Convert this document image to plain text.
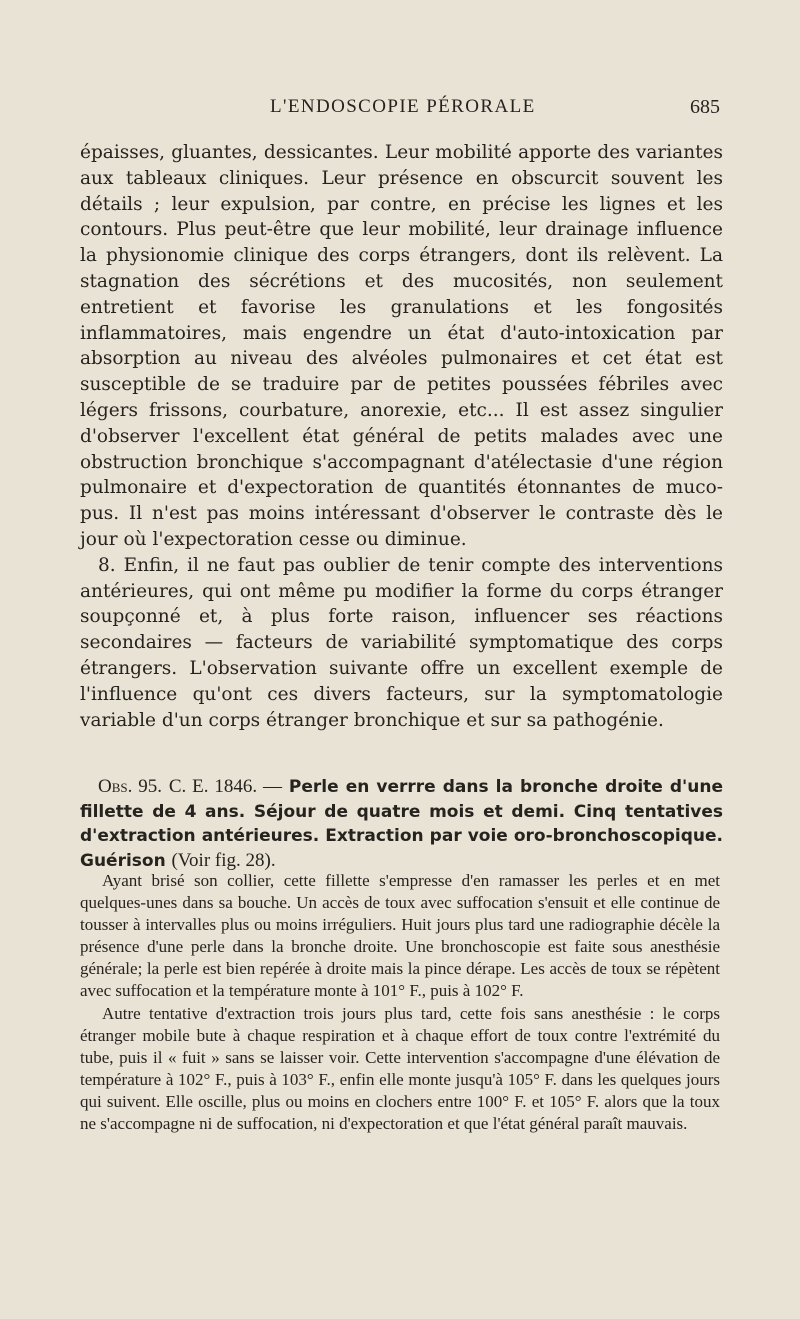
L'ENDOSCOPIE PÉRORALE	685

épaisses, gluantes, dessicantes. Leur mobilité apporte des variantes aux tableaux cliniques. Leur présence en obscurcit souvent les détails ; leur expulsion, par contre, en précise les lignes et les contours. Plus peut-être que leur mobilité, leur drainage influence la physionomie clinique des corps étrangers, dont ils relèvent. La stagnation des sécrétions et des mucosités, non seulement entretient et favorise les granulations et les fongosités inflammatoires, mais engendre un état d'auto-intoxication par absorption au niveau des alvéoles pulmonaires et cet état est susceptible de se traduire par de petites poussées fébriles avec légers frissons, courbature, anorexie, etc... Il est assez singulier d'observer l'excellent état général de petits malades avec une obstruction bronchique s'accompagnant d'atélectasie d'une région pulmonaire et d'expectoration de quantités étonnantes de muco-pus. Il n'est pas moins intéressant d'observer le contraste dès le jour où l'expectoration cesse ou diminue.

8. Enfin, il ne faut pas oublier de tenir compte des interventions antérieures, qui ont même pu modifier la forme du corps étranger soupçonné et, à plus forte raison, influencer ses réactions secondaires — facteurs de variabilité symptomatique des corps étrangers. L'observation suivante offre un excellent exemple de l'influence qu'ont ces divers facteurs, sur la symptomatologie variable d'un corps étranger bronchique et sur sa pathogénie.

Obs. 95. C. E. 1846. — Perle en verrre dans la bronche droite d'une fillette de 4 ans. Séjour de quatre mois et demi. Cinq tentatives d'extraction antérieures. Extraction par voie oro-bronchoscopique. Guérison (Voir fig. 28).

Ayant brisé son collier, cette fillette s'empresse d'en ramasser les perles et en met quelques-unes dans sa bouche. Un accès de toux avec suffocation s'ensuit et elle continue de tousser à intervalles plus ou moins irréguliers. Huit jours plus tard une radiographie décèle la présence d'une perle dans la bronche droite. Une bronchoscopie est faite sous anesthésie générale; la perle est bien repérée à droite mais la pince dérape. Les accès de toux se répètent avec suffocation et la température monte à 101° F., puis à 102° F.

Autre tentative d'extraction trois jours plus tard, cette fois sans anesthésie : le corps étranger mobile bute à chaque respiration et à chaque effort de toux contre l'extrémité du tube, puis il « fuit » sans se laisser voir. Cette intervention s'accompagne d'une élévation de température à 102° F., puis à 103° F., enfin elle monte jusqu'à 105° F. dans les quelques jours qui suivent. Elle oscille, plus ou moins en clochers entre 100° F. et 105° F. alors que la toux ne s'accompagne ni de suffocation, ni d'expectoration et que l'état général paraît mauvais.
